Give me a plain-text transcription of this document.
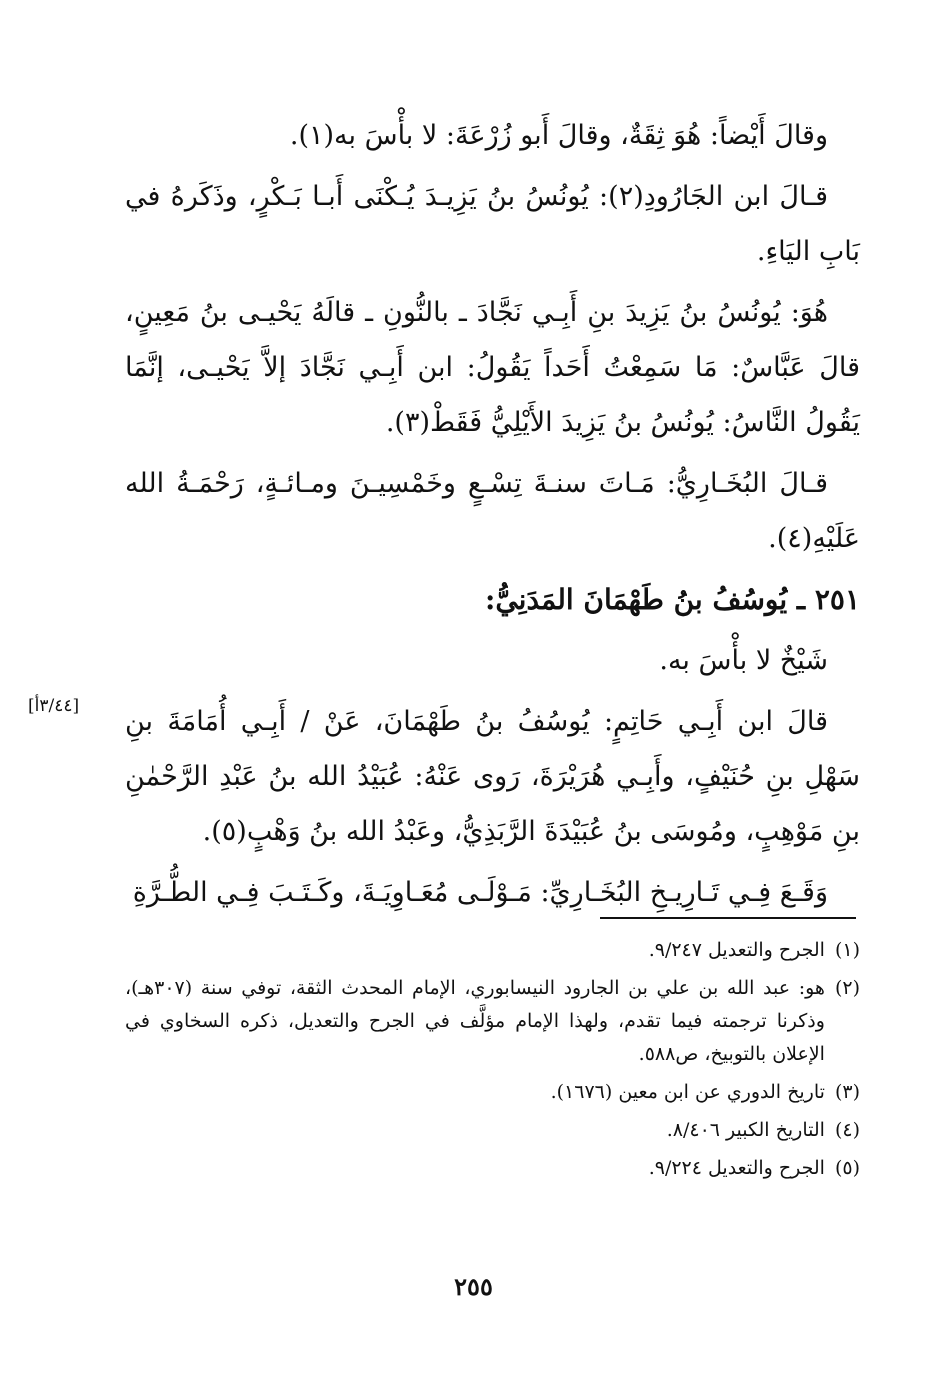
وقالَ أَيْضاً: هُوَ ثِقَةٌ، وقالَ أَبو زُرْعَةَ: لا بأْسَ به(١).

قـالَ ابن الجَارُودِ(٢): يُونُسُ بنُ يَزِيـدَ يُـكْنَى أَبـا بَـكْرٍ، وذَكَرهُ في بَابِ اليَاءِ.

هُوَ: يُونُسُ بنُ يَزِيدَ بنِ أَبِـي نَجَّادَ ـ بالنُّونِ ـ قالَهُ يَحْيـى بنُ مَعِينٍ، قالَ عَبَّاسٌ: مَا سَمِعْتُ أَحَداً يَقُولُ: ابن أَبِـي نَجَّادَ إلاَّ يَحْيـى، إنَّمَا يَقُولُ النَّاسُ: يُونُسُ بنُ يَزِيدَ الأَيْلِيُّ فَقَطْ(٣).

قـالَ البُخَـارِيُّ: مَـاتَ سنـةَ تِسْـعٍ وخَمْسِيـنَ ومـائـةٍ، رَحْمَـةُ الله عَلَيْهِ(٤).

٢٥١ ـ يُوسُفُ بنُ طَهْمَانَ المَدَنِيُّ:

شَيْخٌ لا بأْسَ به.

قالَ ابن أَبِـي حَاتِمٍ: يُوسُفُ بنُ طَهْمَانَ، عَنْ / أَبِـي أُمَامَةَ بنِ سَهْلِ بنِ حُنَيْفٍ، وأَبِـي هُرَيْرَةَ، رَوى عَنْهُ: عُبَيْدُ الله بنُ عَبْدِ الرَّحْمٰنِ بنِ مَوْهِبٍ، ومُوسَى بنُ عُبَيْدَةَ الرَّبَذِيُّ، وعَبْدُ الله بنُ وَهْبٍ(٥).

وَقَـعَ فِـي تَـارِيـخِ البُخَـارِيِّ: مَـوْلَـى مُعَـاوِيَـةَ، وكَـتَـبَ فِـي الطُّـرَّةِ

[٣/٤٤أ]
(١)
الجرح والتعديل ٩/٢٤٧.
(٢)
هو: عبد الله بن علي بن الجارود النيسابوري، الإمام المحدث الثقة، توفي سنة (٣٠٧هـ)، وذكرنا ترجمته فيما تقدم، ولهذا الإمام مؤلَّف في الجرح والتعديل، ذكره السخاوي في الإعلان بالتوبيخ، ص٥٨٨.
(٣)
تاريخ الدوري عن ابن معين (١٦٧٦).
(٤)
التاريخ الكبير ٨/٤٠٦.
(٥)
الجرح والتعديل ٩/٢٢٤.
٢٥٥
